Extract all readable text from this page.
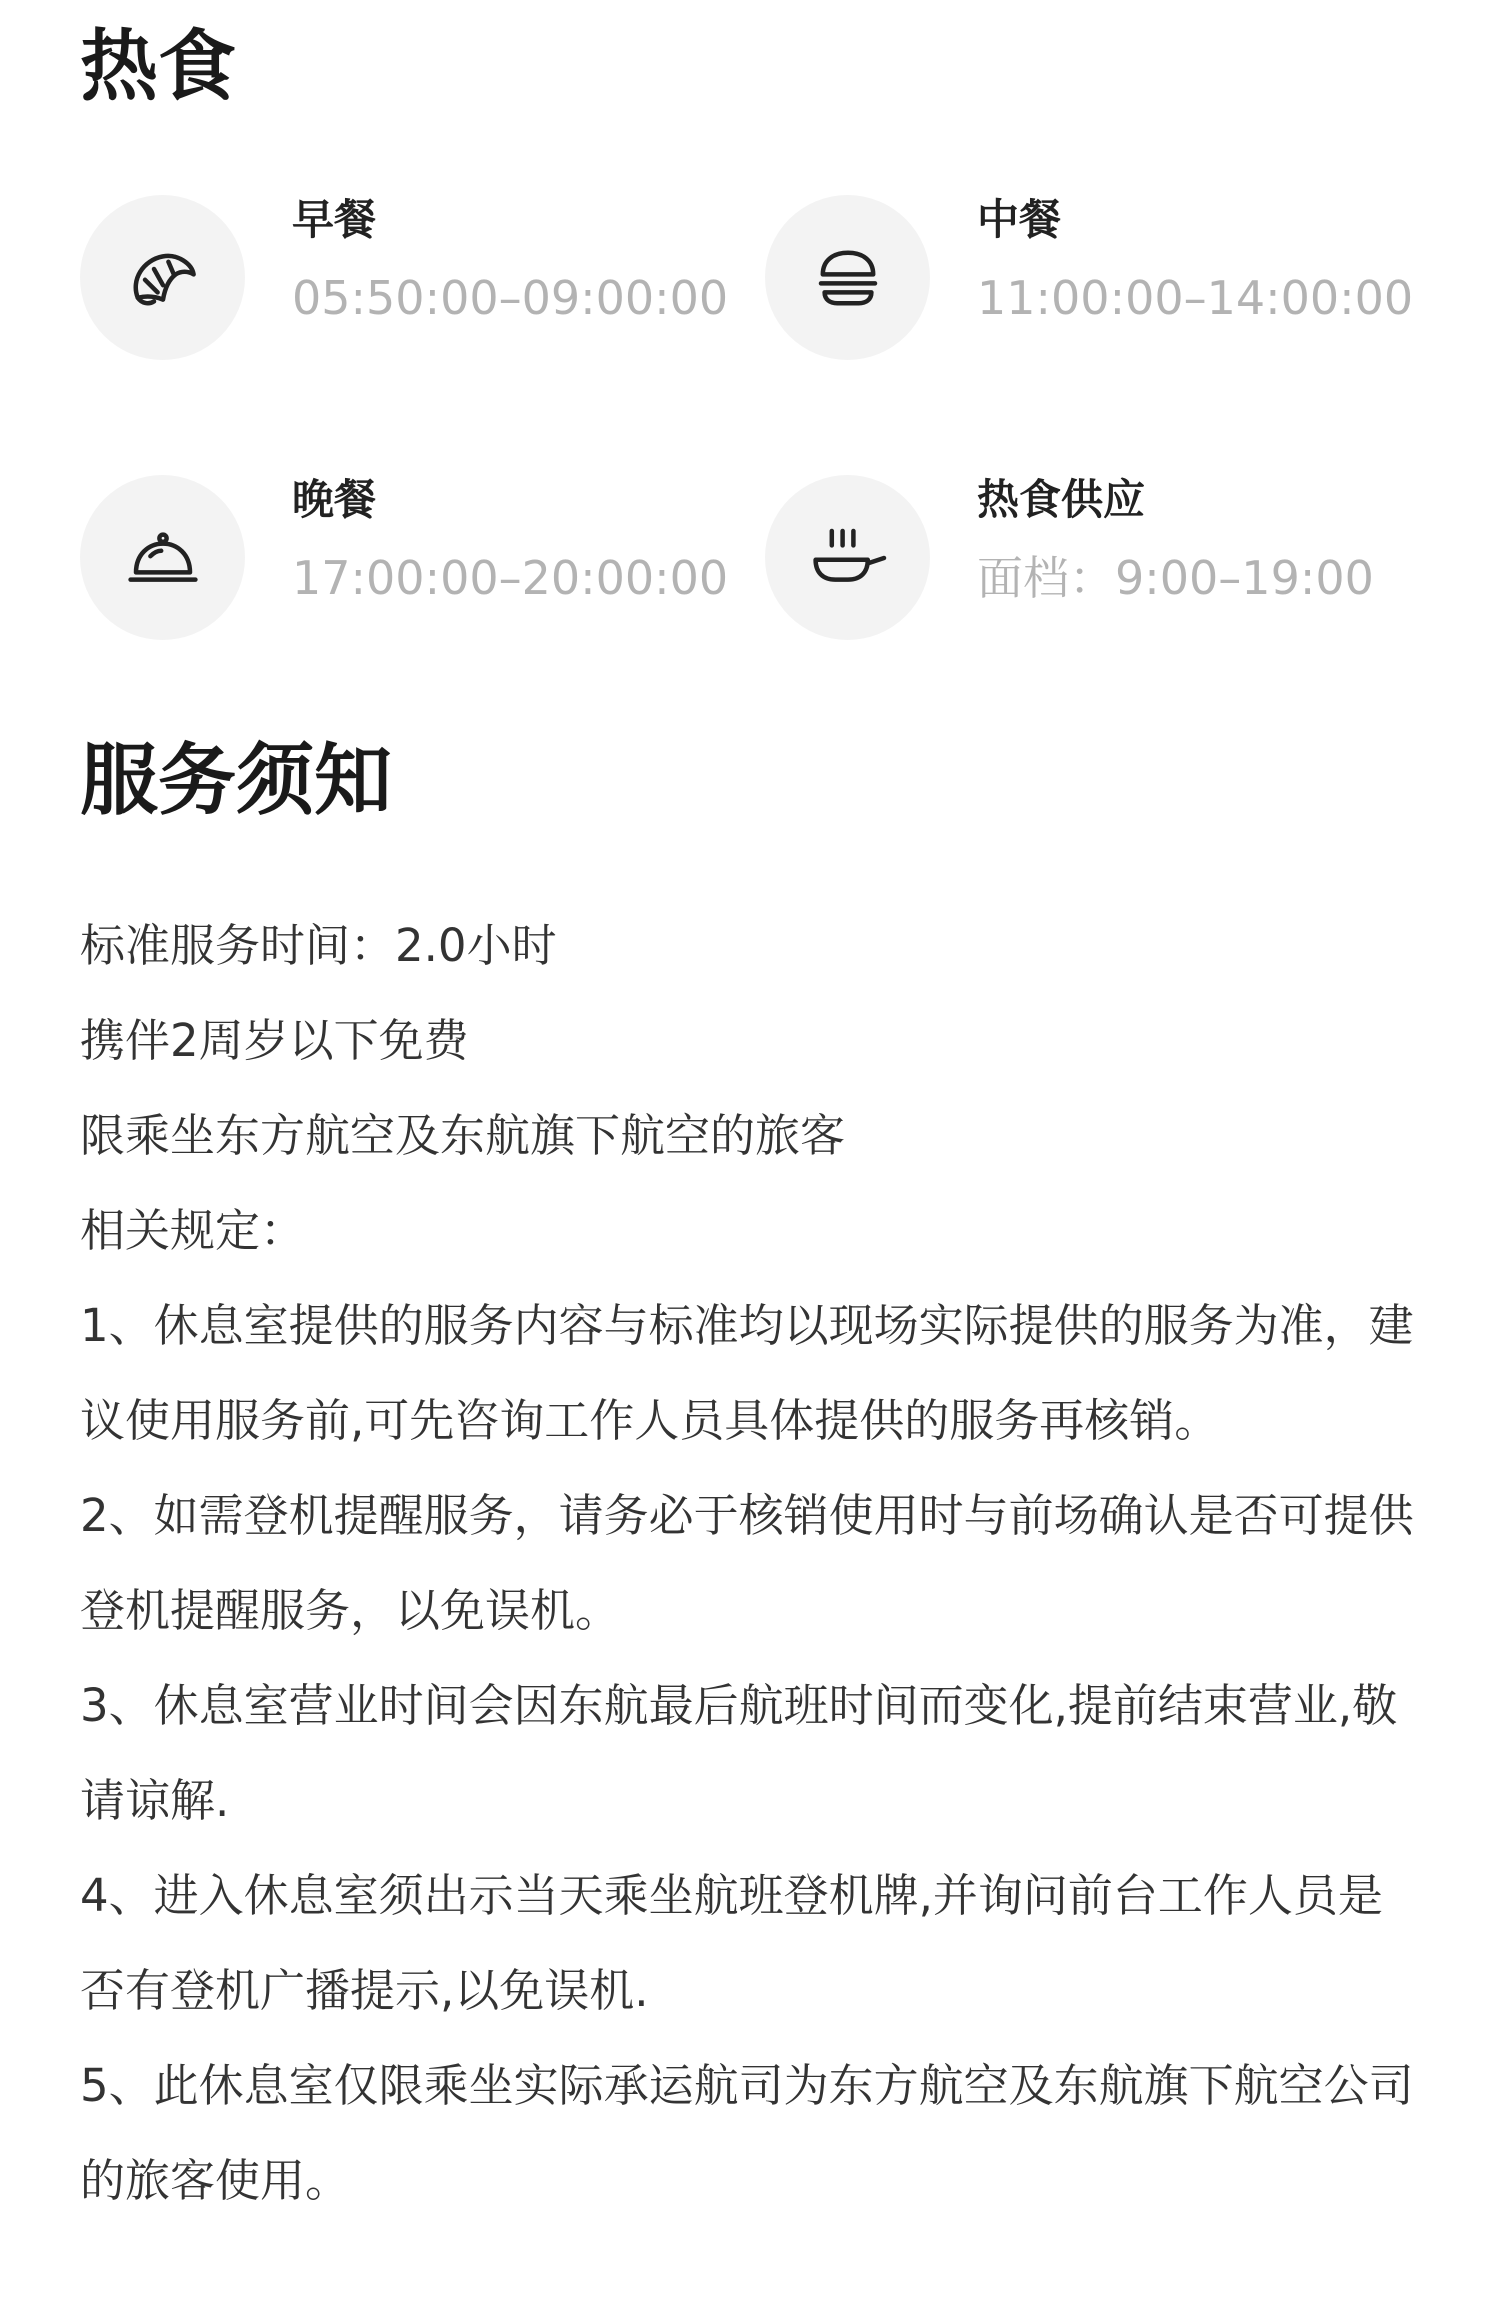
热食
早餐
05:50:00–09:00:00
中餐
11:00:00–14:00:00
晚餐
17:00:00–20:00:00
热食供应
面档：9:00–19:00
服务须知

标准服务时间：2.0小时

携伴2周岁以下免费

限乘坐东方航空及东航旗下航空的旅客

相关规定：

1、休息室提供的服务内容与标准均以现场实际提供的服务为准，建议使用服务前,可先咨询工作人员具体提供的服务再核销。

2、如需登机提醒服务，请务必于核销使用时与前场确认是否可提供登机提醒服务，以免误机。

3、休息室营业时间会因东航最后航班时间而变化,提前结束营业,敬请谅解.

4、进入休息室须出示当天乘坐航班登机牌,并询问前台工作人员是否有登机广播提示,以免误机.

5、此休息室仅限乘坐实际承运航司为东方航空及东航旗下航空公司的旅客使用。
